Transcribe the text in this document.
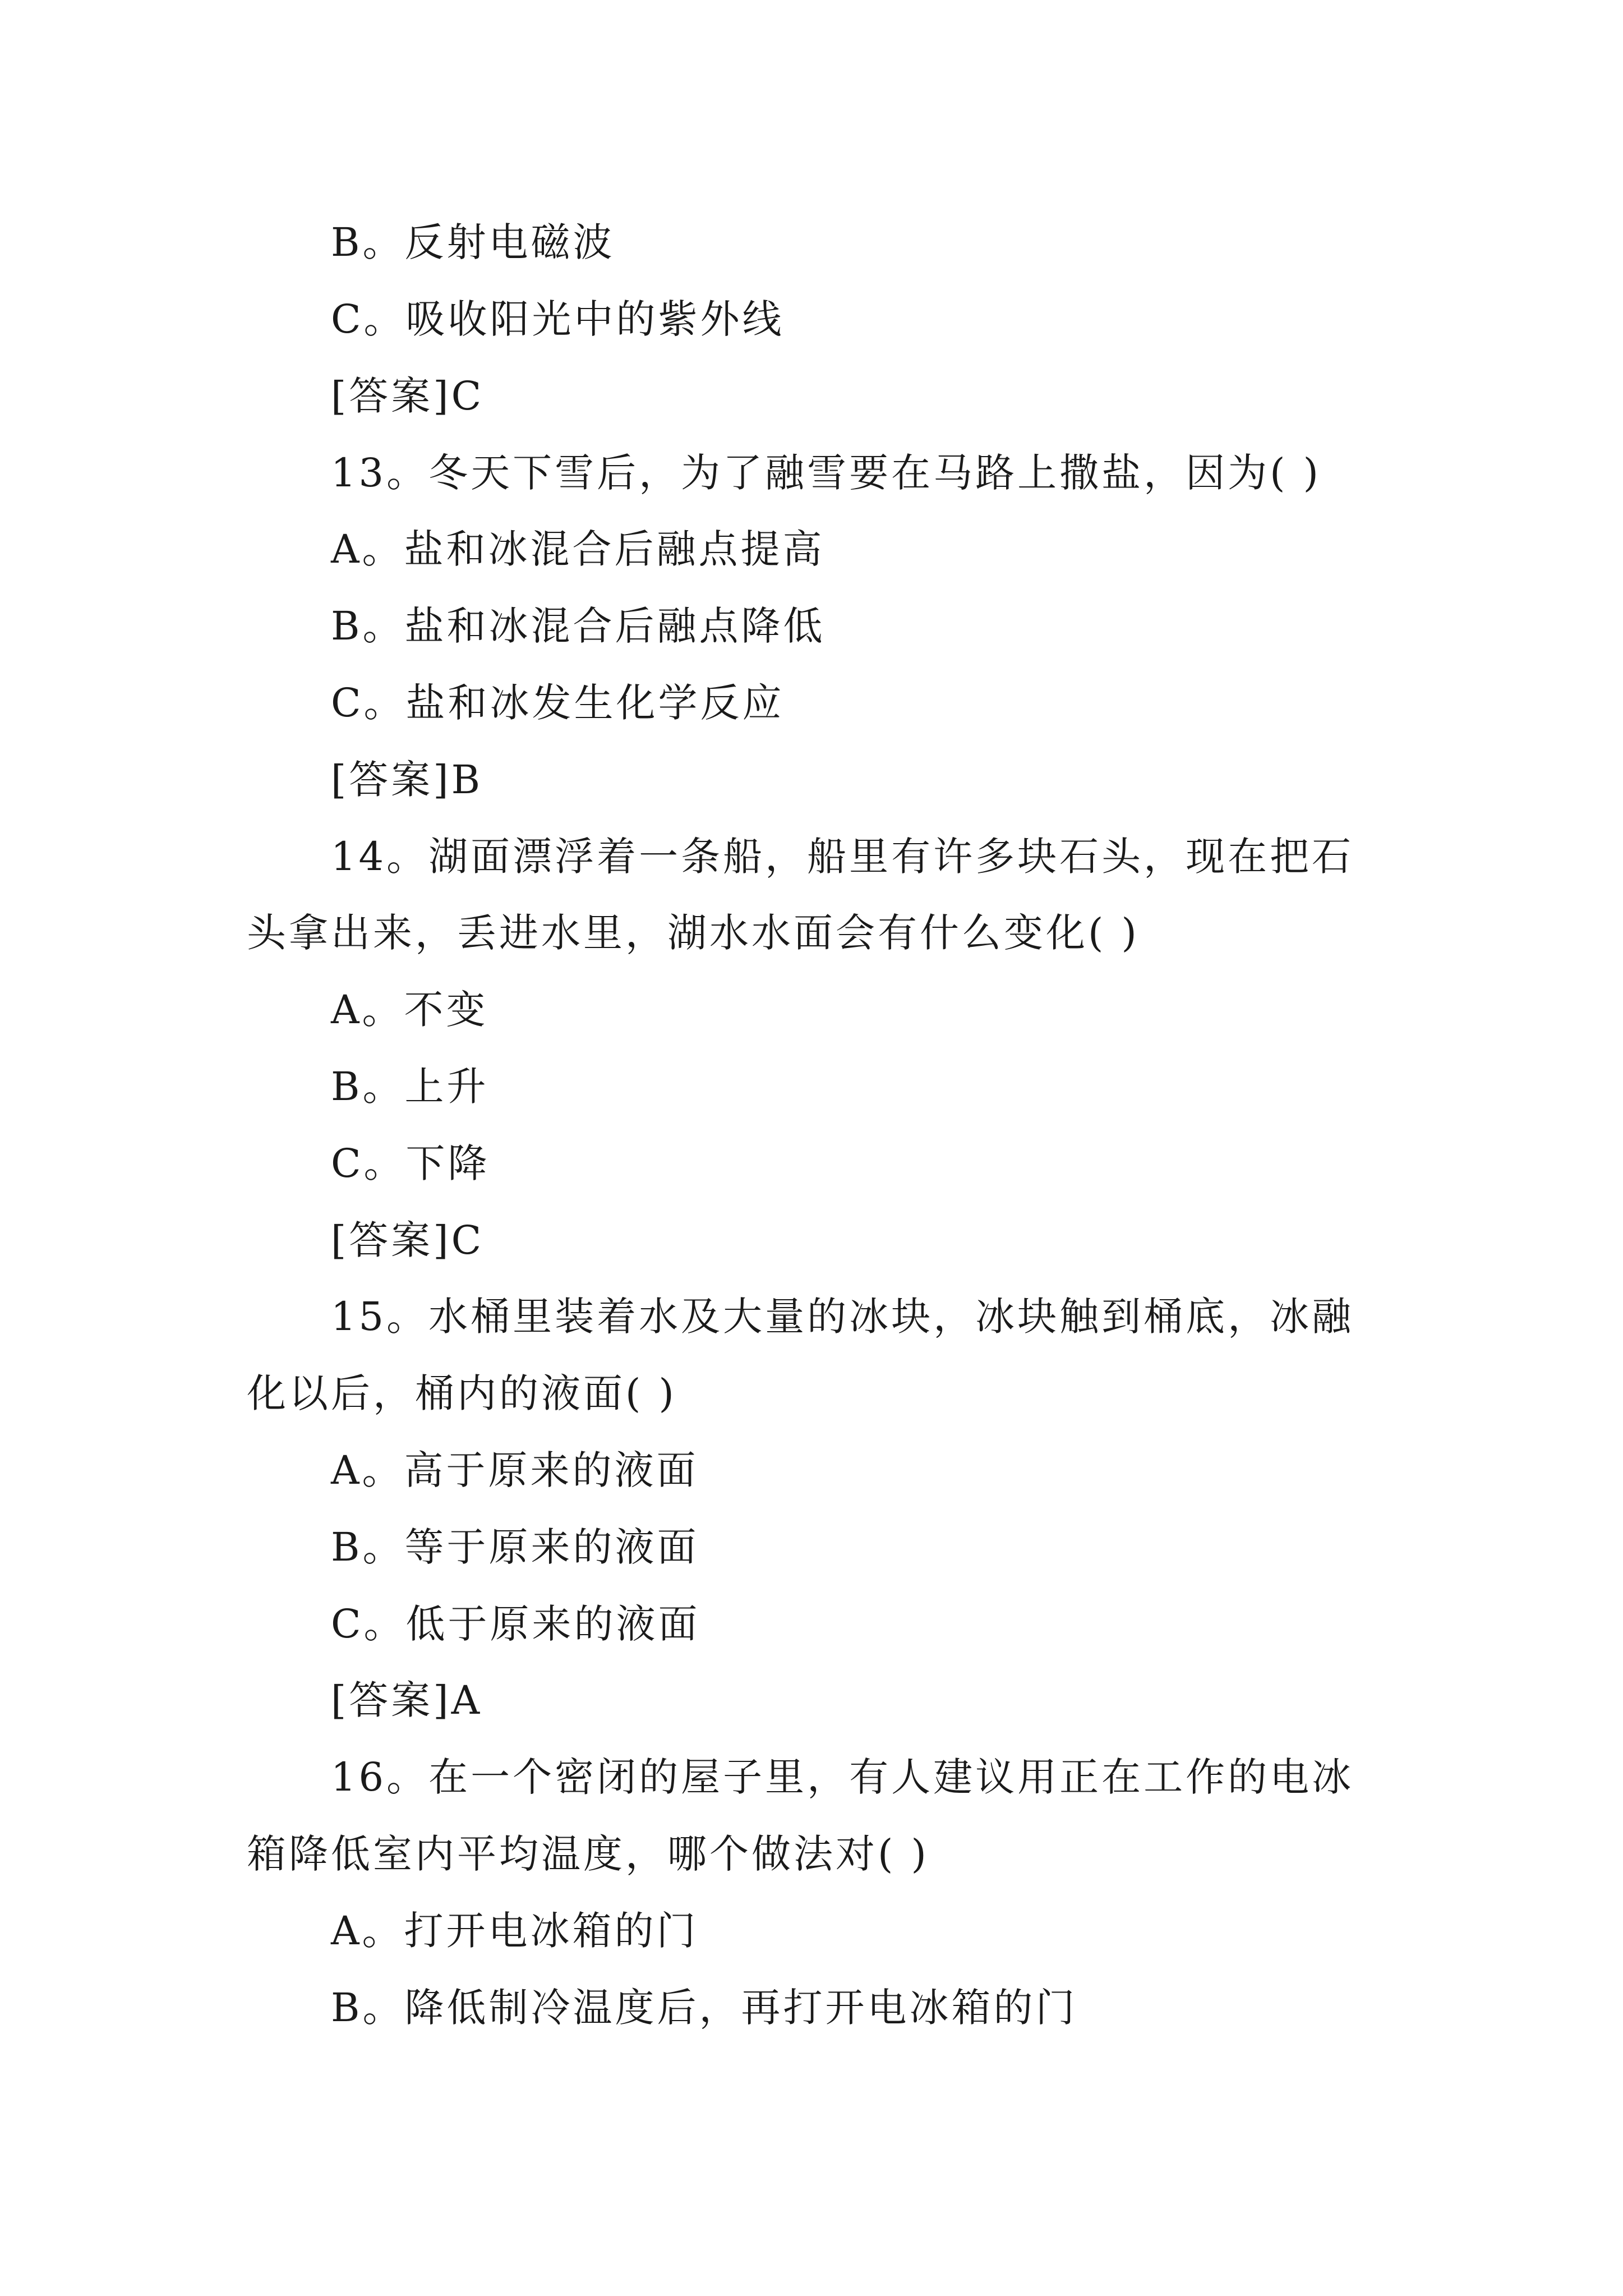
B。反射电磁波

C。吸收阳光中的紫外线

[答案]C

13。冬天下雪后，为了融雪要在马路上撒盐，因为( )

A。盐和冰混合后融点提高

B。盐和冰混合后融点降低

C。盐和冰发生化学反应

[答案]B

14。湖面漂浮着一条船，船里有许多块石头，现在把石

头拿出来，丢进水里，湖水水面会有什么变化( )

A。不变

B。上升

C。下降

[答案]C

15。水桶里装着水及大量的冰块，冰块触到桶底，冰融

化以后，桶内的液面( )

A。高于原来的液面

B。等于原来的液面

C。低于原来的液面

[答案]A

16。在一个密闭的屋子里，有人建议用正在工作的电冰

箱降低室内平均温度，哪个做法对( )

A。打开电冰箱的门

B。降低制冷温度后，再打开电冰箱的门
